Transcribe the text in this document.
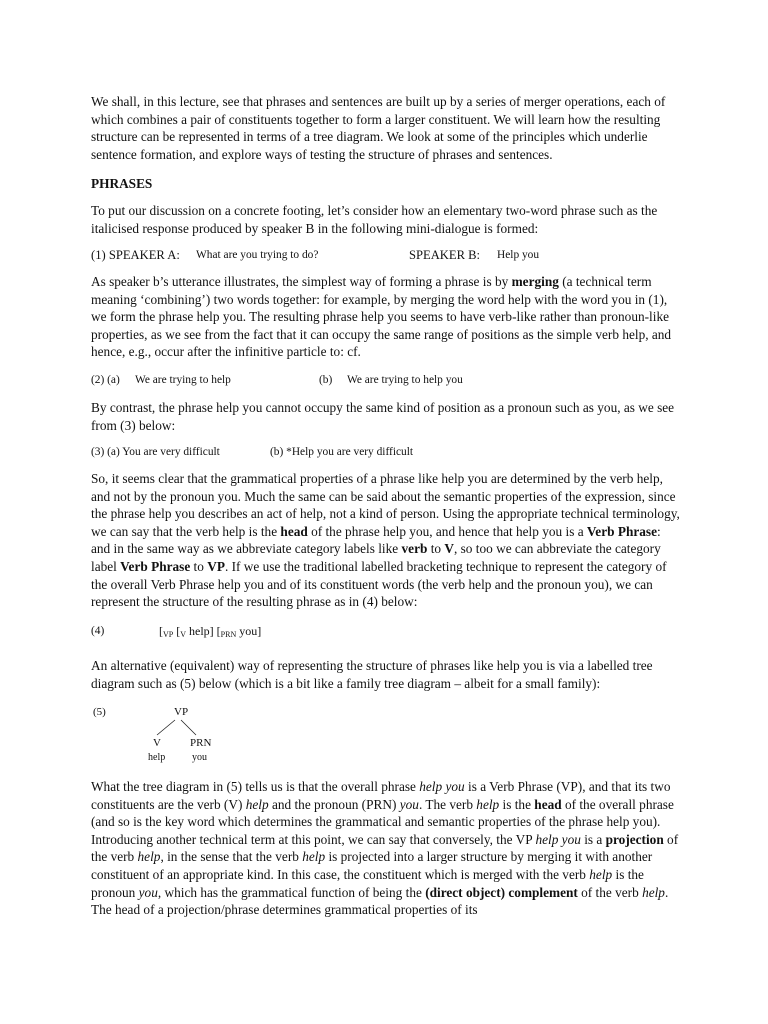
We shall, in this lecture, see that phrases and sentences are built up by a series of merger operations, each of which combines a pair of constituents together to form a larger constituent. We will learn how the resulting structure can be represented in terms of a tree diagram. We look at some of the principles which underlie sentence formation, and explore ways of testing the structure of phrases and sentences.

PHRASES

To put our discussion on a concrete footing, let’s consider how an elementary two-word phrase such as the italicised response produced by speaker B in the following mini-dialogue is formed:

(1) SPEAKER A: What are you trying to do?	SPEAKER B: Help you

As speaker b’s utterance illustrates, the simplest way of forming a phrase is by merging (a technical term meaning ‘combining’) two words together: for example, by merging the word help with the word you in (1), we form the phrase help you. The resulting phrase help you seems to have verb-like rather than pronoun-like properties, as we see from the fact that it can occupy the same range of positions as the simple verb help, and hence, e.g., occur after the infinitive particle to: cf.

(2) (a) We are trying to help	(b) We are trying to help you

By contrast, the phrase help you cannot occupy the same kind of position as a pronoun such as you, as we see from (3) below:

(3) (a) You are very difficult	(b) *Help you are very difficult

So, it seems clear that the grammatical properties of a phrase like help you are determined by the verb help, and not by the pronoun you. Much the same can be said about the semantic properties of the expression, since the phrase help you describes an act of help, not a kind of person. Using the appropriate technical terminology, we can say that the verb help is the head of the phrase help you, and hence that help you is a Verb Phrase: and in the same way as we abbreviate category labels like verb to V, so too we can abbreviate the category label Verb Phrase to VP. If we use the traditional labelled bracketing technique to represent the category of the overall Verb Phrase help you and of its constituent words (the verb help and the pronoun you), we can represent the structure of the resulting phrase as in (4) below:

(4)	[$_{VP}$ [$_V$ help] [$_{PRN}$ you]

An alternative (equivalent) way of representing the structure of phrases like help you is via a labelled tree diagram such as (5) below (which is a bit like a family tree diagram – albeit for a small family):

(5)	VP
V	PRN
help	you

What the tree diagram in (5) tells us is that the overall phrase help you is a Verb Phrase (VP), and that its two constituents are the verb (V) help and the pronoun (PRN) you. The verb help is the head of the overall phrase (and so is the key word which determines the grammatical and semantic properties of the phrase help you). Introducing another technical term at this point, we can say that conversely, the VP help you is a projection of the verb help, in the sense that the verb help is projected into a larger structure by merging it with another constituent of an appropriate kind. In this case, the constituent which is merged with the verb help is the pronoun you, which has the grammatical function of being the (direct object) complement of the verb help. The head of a projection/phrase determines grammatical properties of its
